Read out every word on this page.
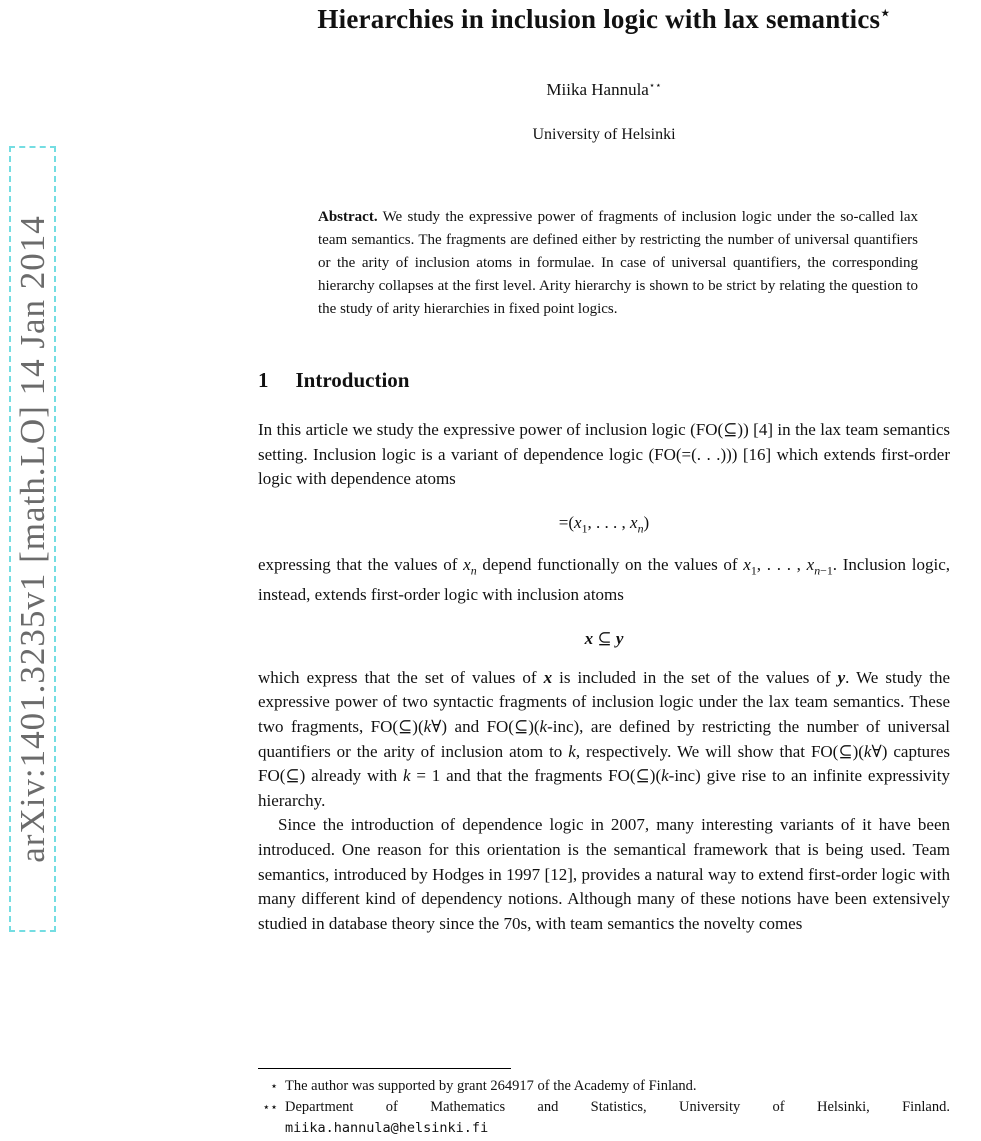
arXiv:1401.3235v1 [math.LO] 14 Jan 2014
Hierarchies in inclusion logic with lax semantics⋆
Miika Hannula⋆⋆
University of Helsinki
Abstract. We study the expressive power of fragments of inclusion logic under the so-called lax team semantics. The fragments are defined either by restricting the number of universal quantifiers or the arity of inclusion atoms in formulae. In case of universal quantifiers, the corresponding hierarchy collapses at the first level. Arity hierarchy is shown to be strict by relating the question to the study of arity hierarchies in fixed point logics.
1 Introduction

In this article we study the expressive power of inclusion logic (FO(⊆)) [4] in the lax team semantics setting. Inclusion logic is a variant of dependence logic (FO(=(. . .))) [16] which extends first-order logic with dependence atoms

$=(x_1$, . . . , $x_n$)

expressing that the values of $x_n$ depend functionally on the values of $x_1$, . . . , $x_{n-1}$. Inclusion logic, instead, extends first-order logic with inclusion atoms

x ⊆ y

which express that the set of values of x is included in the set of the values of y. We study the expressive power of two syntactic fragments of inclusion logic under the lax team semantics. These two fragments, FO(⊆)(k∀) and FO(⊆)(k-inc), are defined by restricting the number of universal quantifiers or the arity of inclusion atom to k, respectively. We will show that FO(⊆)(k∀) captures FO(⊆) already with k = 1 and that the fragments FO(⊆)(k-inc) give rise to an infinite expressivity hierarchy.

Since the introduction of dependence logic in 2007, many interesting variants of it have been introduced. One reason for this orientation is the semantical framework that is being used. Team semantics, introduced by Hodges in 1997 [12], provides a natural way to extend first-order logic with many different kind of dependency notions. Although many of these notions have been extensively studied in database theory since the 70s, with team semantics the novelty comes

⋆ The author was supported by grant 264917 of the Academy of Finland.
⋆⋆ Department of Mathematics and Statistics, University of Helsinki, Finland.
miika.hannula@helsinki.fi
